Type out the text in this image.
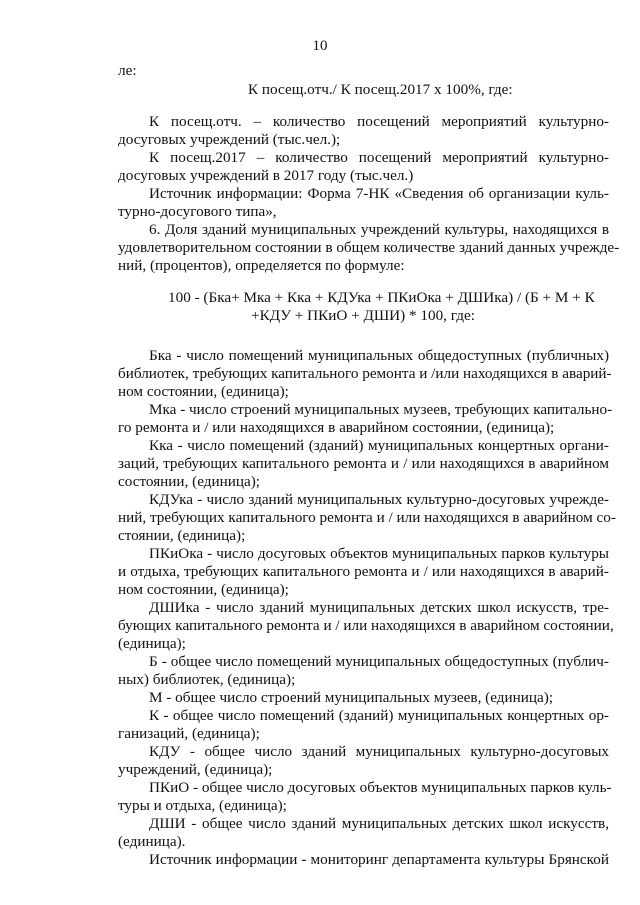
10
ле:
К посещ.отч./ К посещ.2017 х 100%, где:
К посещ.отч. – количество посещений мероприятий культурно-
досуговых учреждений (тыс.чел.);
К посещ.2017 – количество посещений мероприятий культурно-
досуговых учреждений в 2017 году (тыс.чел.)
Источник информации: Форма 7-НК «Сведения об организации куль-
турно-досугового типа»,
6. Доля зданий муниципальных учреждений культуры, находящихся в
удовлетворительном состоянии в общем количестве зданий данных учрежде-
ний, (процентов), определяется по формуле:
100 - (Бка+ Мка + Кка + КДУка + ПКиОка + ДШИка) / (Б + М + К
+КДУ + ПКиО + ДШИ) * 100, где:
Бка - число помещений муниципальных общедоступных (публичных)
библиотек, требующих капитального ремонта и /или находящихся в аварий-
ном состоянии, (единица);
Мка - число строений муниципальных музеев, требующих капитально-
го ремонта и / или находящихся в аварийном состоянии, (единица);
Кка - число помещений (зданий) муниципальных концертных органи-
заций, требующих капитального ремонта и / или находящихся в аварийном
состоянии, (единица);
КДУка - число зданий муниципальных культурно-досуговых учрежде-
ний, требующих капитального ремонта и / или находящихся в аварийном со-
стоянии, (единица);
ПКиОка - число досуговых объектов муниципальных парков культуры
и отдыха, требующих капитального ремонта и / или находящихся в аварий-
ном состоянии, (единица);
ДШИка - число зданий муниципальных детских школ искусств, тре-
бующих капитального ремонта и / или находящихся в аварийном состоянии,
(единица);
Б - общее число помещений муниципальных общедоступных (публич-
ных) библиотек, (единица);
М - общее число строений муниципальных музеев, (единица);
К - общее число помещений (зданий) муниципальных концертных ор-
ганизаций, (единица);
КДУ - общее число зданий муниципальных культурно-досуговых
учреждений, (единица);
ПКиО - общее число досуговых объектов муниципальных парков куль-
туры и отдыха, (единица);
ДШИ - общее число зданий муниципальных детских школ искусств,
(единица).
Источник информации - мониторинг департамента культуры Брянской
